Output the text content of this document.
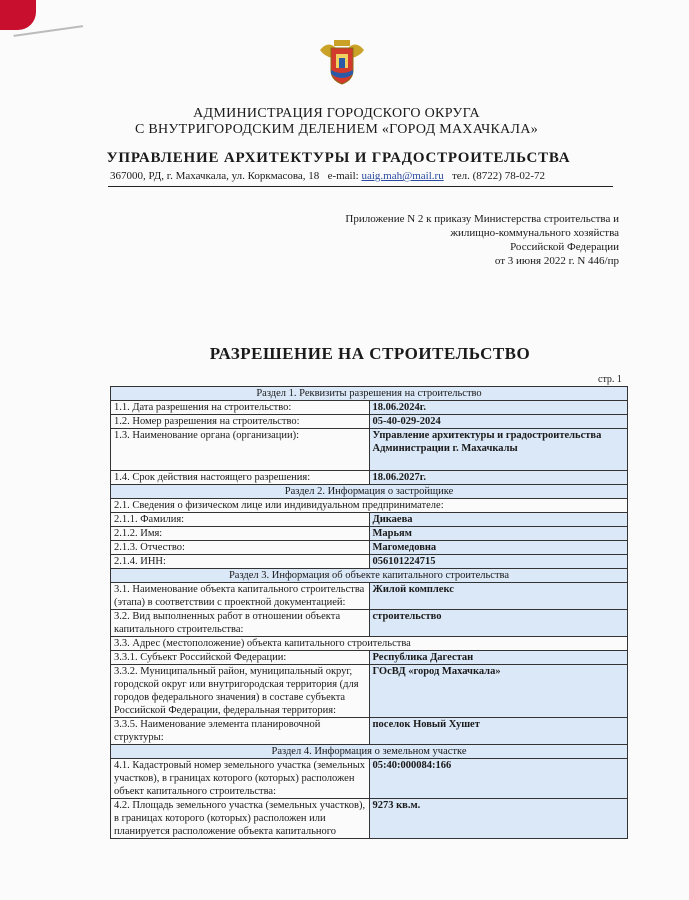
АДМИНИСТРАЦИЯ ГОРОДСКОГО ОКРУГА
С ВНУТРИГОРОДСКИМ ДЕЛЕНИЕМ «ГОРОД МАХАЧКАЛА»
УПРАВЛЕНИЕ АРХИТЕКТУРЫ И ГРАДОСТРОИТЕЛЬСТВА
367000, РД, г. Махачкала, ул. Коркмасова, 18 e-mail: uaig.mah@mail.ru тел. (8722) 78-02-72
Приложение N 2 к приказу Министерства строительства и
жилищно-коммунального хозяйства
Российской Федерации
от 3 июня 2022 г. N 446/пр
РАЗРЕШЕНИЕ НА СТРОИТЕЛЬСТВО
стр. 1
Раздел 1. Реквизиты разрешения на строительство	
1.1. Дата разрешения на строительство:	18.06.2024г.
1.2. Номер разрешения на строительство:	05-40-029-2024
1.3. Наименование органа (организации):	Управление архитектуры и градостроительства Администрации г. Махачкалы
1.4. Срок действия настоящего разрешения:	18.06.2027г.
Раздел 2. Информация о застройщике	
2.1. Сведения о физическом лице или индивидуальном предпринимателе:	
2.1.1. Фамилия:	Дикаева
2.1.2. Имя:	Марьям
2.1.3. Отчество:	Магомедовна
2.1.4. ИНН:	056101224715
Раздел 3. Информация об объекте капитального строительства	
3.1. Наименование объекта капитального строительства (этапа) в соответствии с проектной документацией:	Жилой комплекс
3.2. Вид выполненных работ в отношении объекта капитального строительства:	строительство
3.3. Адрес (местоположение) объекта капитального строительства	
3.3.1. Субъект Российской Федерации:	Республика Дагестан
3.3.2. Муниципальный район, муниципальный округ, городской округ или внутригородская территория (для городов федерального значения) в составе субъекта Российской Федерации, федеральная территория:	ГОсВД «город Махачкала»
3.3.5. Наименование элемента планировочной структуры:	поселок Новый Хушет
Раздел 4. Информация о земельном участке	
4.1. Кадастровый номер земельного участка (земельных участков), в границах которого (которых) расположен объект капитального строительства:	05:40:000084:166
4.2. Площадь земельного участка (земельных участков), в границах которого (которых) расположен или планируется расположение объекта капитального	9273 кв.м.
